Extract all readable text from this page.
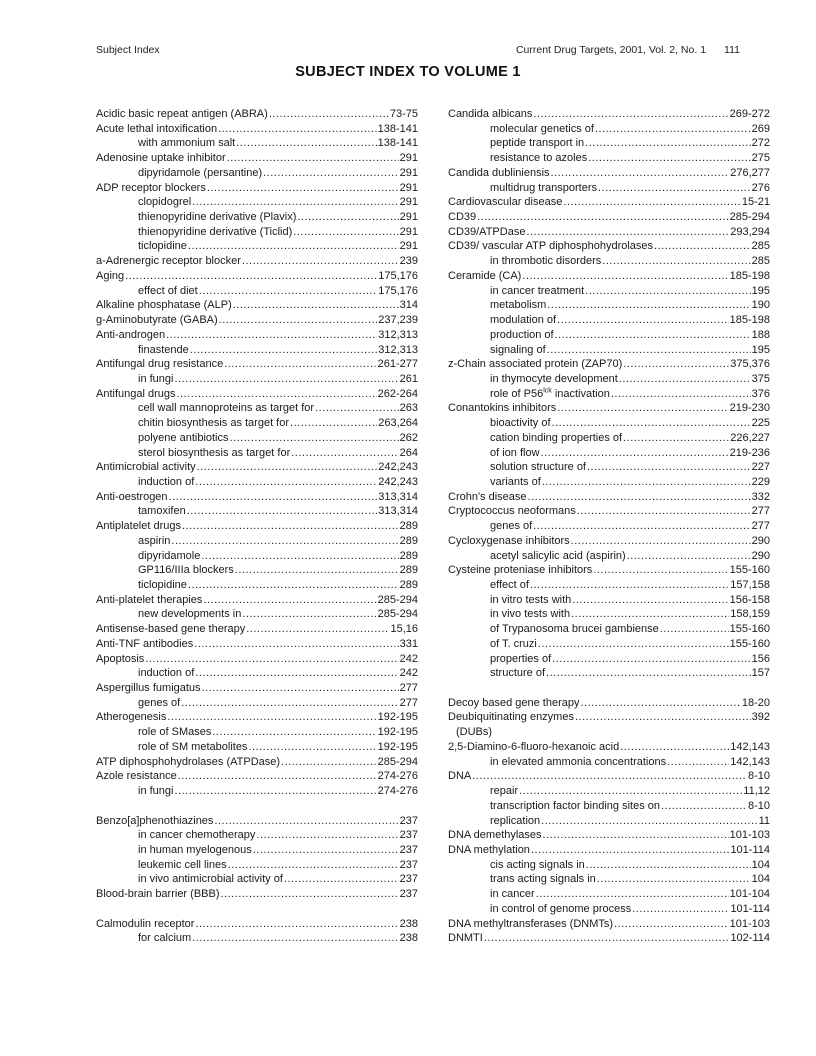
Subject Index	Current Drug Targets, 2001, Vol. 2, No. 1 111
SUBJECT INDEX TO VOLUME 1
Acidic basic repeat antigen (ABRA) .....	73-75
Acute lethal intoxification .....	138-141
with ammonium salt .....	138-141
Adenosine uptake inhibitor .....	291
dipyridamole (persantine) .....	291
ADP receptor blockers .....	291
clopidogrel .....	291
thienopyridine derivative (Plavix) .....	291
thienopyridine derivative (Ticlid) .....	291
ticlopidine .....	291
a-Adrenergic receptor blocker .....	239
Aging .....	175,176
effect of diet .....	175,176
Alkaline phosphatase (ALP) .....	314
g-Aminobutyrate (GABA) .....	237,239
Anti-androgen .....	312,313
finastende .....	312,313
Antifungal drug resistance .....	261-277
in fungi .....	261
Antifungal drugs .....	262-264
cell wall mannoproteins as target for .....	263
chitin biosynthesis as target for .....	263,264
polyene antibiotics .....	262
sterol biosynthesis as target for .....	264
Antimicrobial activity .....	242,243
induction of .....	242,243
Anti-oestrogen .....	313,314
tamoxifen .....	313,314
Antiplatelet drugs .....	289
aspirin .....	289
dipyridamole .....	289
GP116/IIIa blockers .....	289
ticlopidine .....	289
Anti-platelet therapies .....	285-294
new developments in .....	285-294
Antisense-based gene therapy .....	15,16
Anti-TNF antibodies .....	331
Apoptosis .....	242
induction of .....	242
Aspergillus fumigatus .....	277
genes of .....	277
Atherogenesis .....	192-195
role of SMases .....	192-195
role of SM metabolites .....	192-195
ATP diphosphohydrolases (ATPDase) .....	285-294
Azole resistance .....	274-276
in fungi .....	274-276
Benzo[a]phenothiazines .....	237
in cancer chemotherapy .....	237
in human myelogenous .....	237
leukemic cell lines .....	237
in vivo antimicrobial activity of .....	237
Blood-brain barrier (BBB) .....	237
Calmodulin receptor .....	238
for calcium .....	238
Candida albicans .....	269-272
molecular genetics of .....	269
peptide transport in .....	272
resistance to azoles .....	275
Candida dubliniensis .....	276,277
multidrug transporters .....	276
Cardiovascular disease .....	15-21
CD39 .....	285-294
CD39/ATPDase .....	293,294
CD39/ vascular ATP diphosphohydrolases .....	285
in thrombotic disorders .....	285
Ceramide (CA) .....	185-198
in cancer treatment .....	195
metabolism .....	190
modulation of .....	185-198
production of .....	188
signaling of .....	195
z-Chain associated protein (ZAP70) .....	375,376
in thymocyte development .....	375
role of $P56^{lck}$ inactivation .....	376
Conantokins inhibitors .....	219-230
bioactivity of .....	225
cation binding properties of .....	226,227
of ion flow .....	219-236
solution structure of .....	227
variants of .....	229
Crohn's disease .....	332
Cryptococcus neoformans .....	277
genes of .....	277
Cycloxygenase inhibitors .....	290
acetyl salicylic acid (aspirin) .....	290
Cysteine proteniase inhibitors .....	155-160
effect of .....	157,158
in vitro tests with .....	156-158
in vivo tests with .....	158,159
of Trypanosoma brucei gambiense .....	155-160
of T. cruzi .....	155-160
properties of .....	156
structure of .....	157
Decoy based gene therapy .....	18-20
Deubiquitinating enzymes .....	392
(DUBs)
2,5-Diamino-6-fluoro-hexanoic acid .....	142,143
in elevated ammonia concentrations .....	142,143
DNA .....	8-10
repair .....	11,12
transcription factor binding sites on .....	8-10
replication .....	11
DNA demethylases .....	101-103
DNA methylation .....	101-114
cis acting signals in .....	104
trans acting signals in .....	104
in cancer .....	101-104
in control of genome process .....	101-114
DNA methyltransferases (DNMTs) .....	101-103
DNMTI .....	102-114
